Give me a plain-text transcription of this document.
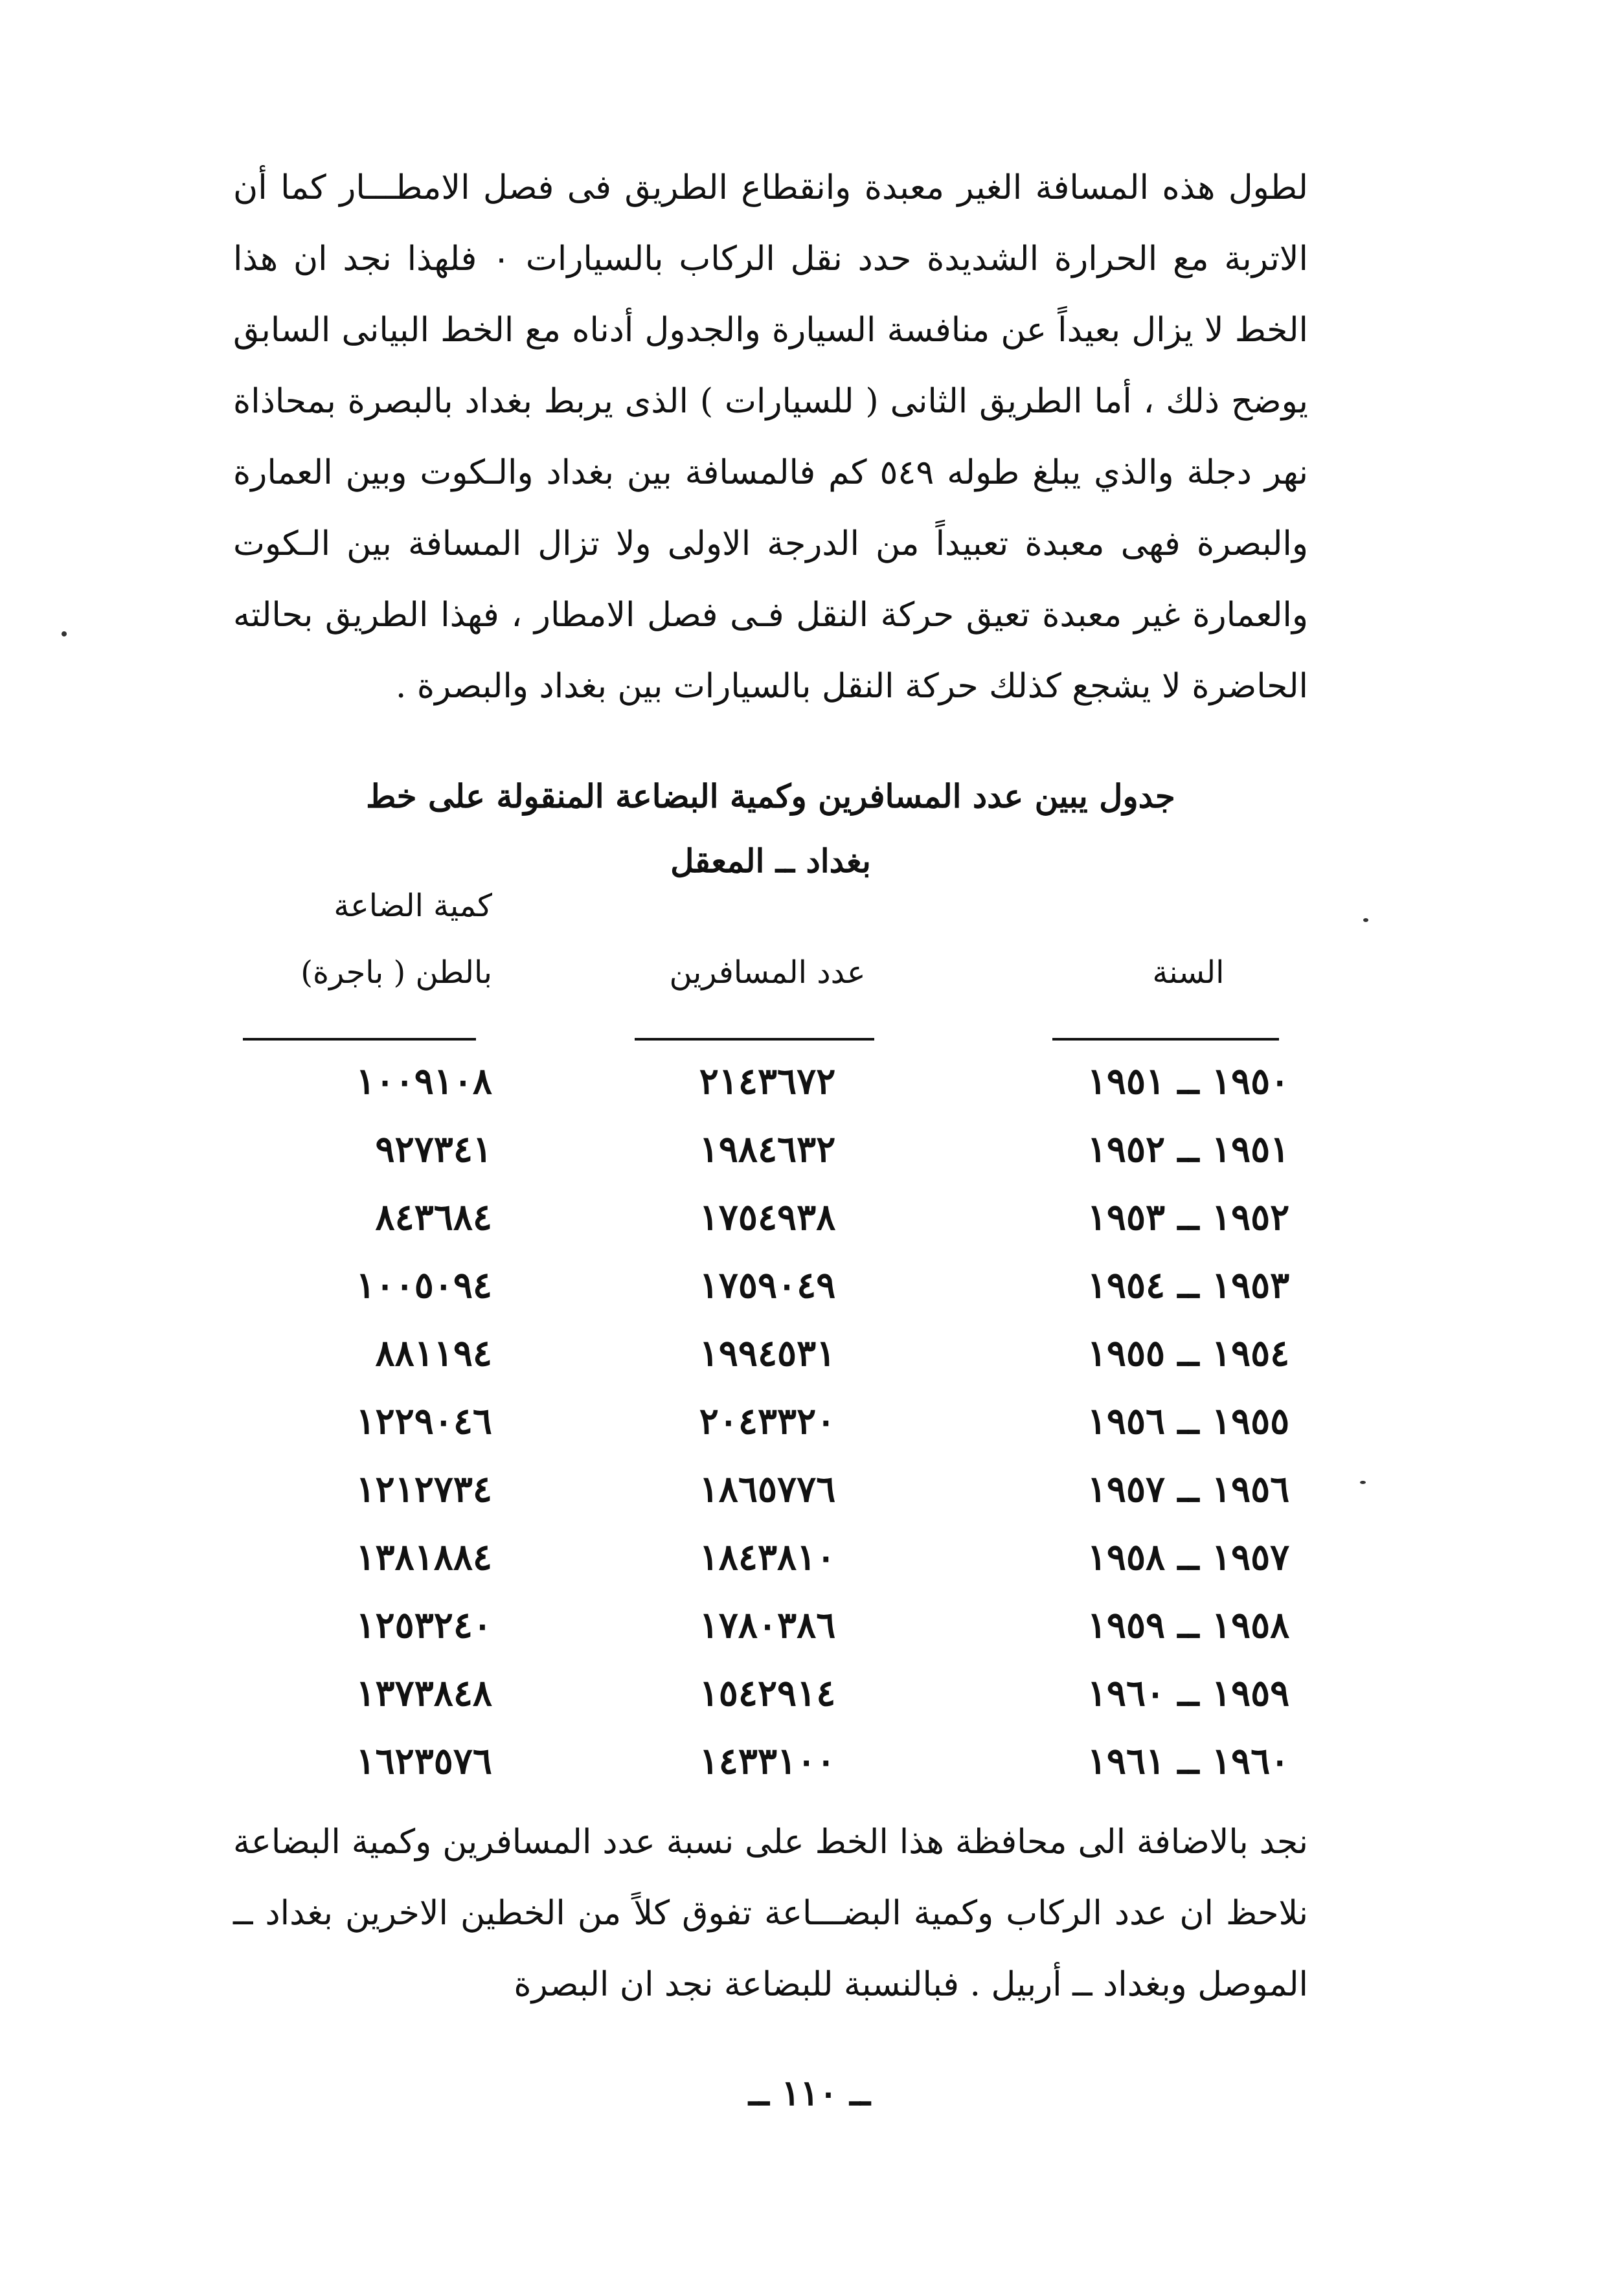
لطول هذه المسافة الغير معبدة وانقطاع الطريق فى فصل الامطـــار كما أن الاتربة مع الحرارة الشديدة حدد نقل الركاب بالسيارات ٠ فلهذا نجد ان هذا الخط لا يزال بعيداً عن منافسة السيارة والجدول أدناه مع الخط البيانى السابق يوضح ذلك ، أما الطريق الثانى ( للسيارات ) الذى يربط بغداد بالبصرة بمحاذاة نهر دجلة والذي يبلغ طوله ٥٤٩ كم فالمسافة بين بغداد والـكوت وبين العمارة والبصرة فهى معبدة تعبيداً من الدرجة الاولى ولا تزال المسافة بين الـكوت والعمارة غير معبدة تعيق حركة النقل فـى فصل الامطار ، فهذا الطريق بحالته الحاضرة لا يشجع كذلك حركة النقل بالسيارات بين بغداد والبصرة .

جدول يبين عدد المسافرين وكمية البضاعة المنقولة على خط
بغداد ــ المعقل
السنة
عدد المسافرين
كمية الضاعة
بالطن ( باجرة)
١٩٥٠ ــ ١٩٥١
٢١٤٣٦٧٢
١٠٠٩١٠٨
١٩٥١ ــ ١٩٥٢
١٩٨٤٦٣٢
٩٢٧٣٤١
١٩٥٢ ــ ١٩٥٣
١٧٥٤٩٣٨
٨٤٣٦٨٤
١٩٥٣ ــ ١٩٥٤
١٧٥٩٠٤٩
١٠٠٥٠٩٤
١٩٥٤ ــ ١٩٥٥
١٩٩٤٥٣١
٨٨١١٩٤
١٩٥٥ ــ ١٩٥٦
٢٠٤٣٣٢٠
١٢٢٩٠٤٦
١٩٥٦ ــ ١٩٥٧
١٨٦٥٧٧٦
١٢١٢٧٣٤
١٩٥٧ ــ ١٩٥٨
١٨٤٣٨١٠
١٣٨١٨٨٤
١٩٥٨ ــ ١٩٥٩
١٧٨٠٣٨٦
١٢٥٣٢٤٠
١٩٥٩ ــ ١٩٦٠
١٥٤٢٩١٤
١٣٧٣٨٤٨
١٩٦٠ ــ ١٩٦١
١٤٣٣١٠٠
١٦٢٣٥٧٦

نجد بالاضافة الى محافظة هذا الخط على نسبة عدد المسافرين وكمية البضاعة نلاحظ ان عدد الركاب وكمية البضـــاعة تفوق كلاً من الخطين الاخرين بغداد ــ الموصل وبغداد ــ أربيل . فبالنسبة للبضاعة نجد ان البصرة

ــ ١١٠ ــ
